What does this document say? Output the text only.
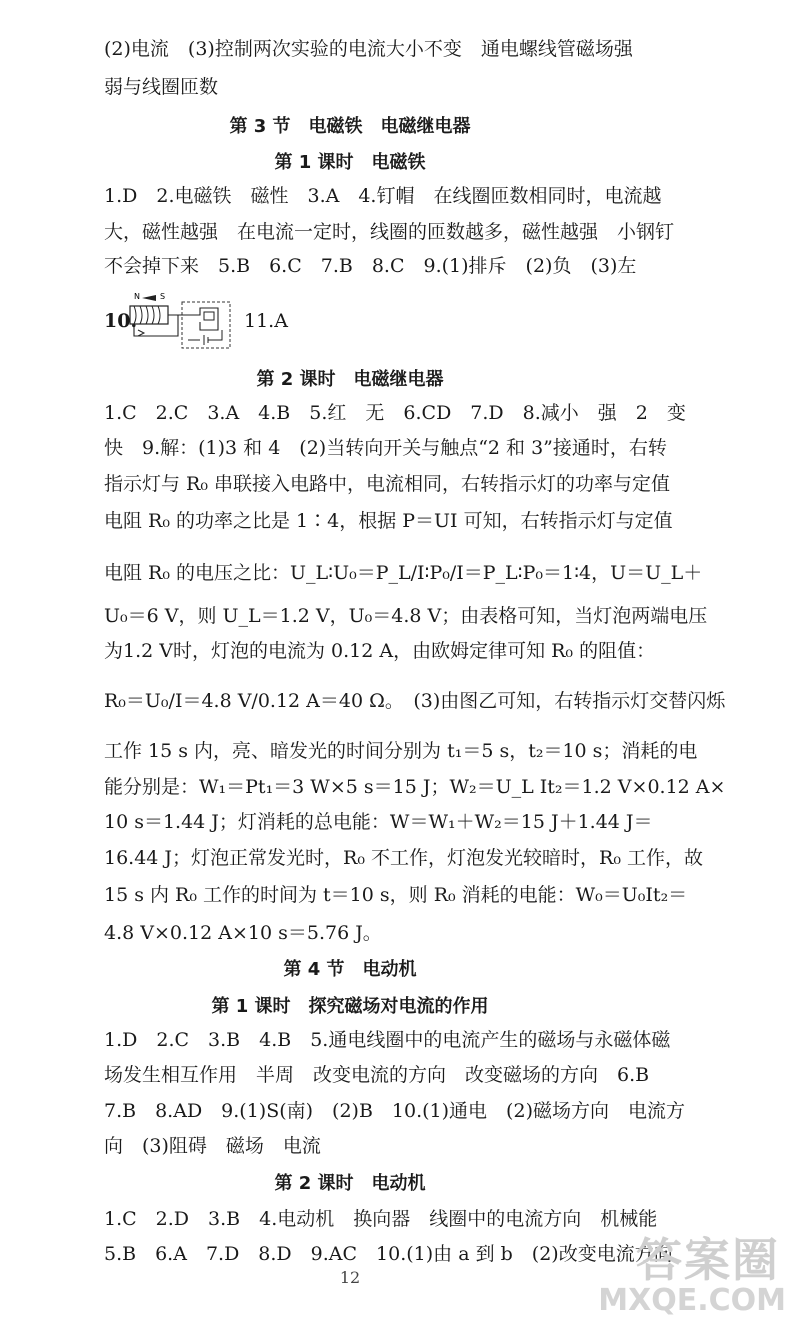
(2)电流　(3)控制两次实验的电流大小不变　通电螺线管磁场强
弱与线圈匝数
第 3 节　电磁铁　电磁继电器
第 1 课时　电磁铁
1.D　2.电磁铁　磁性　3.A　4.钉帽　在线圈匝数相同时，电流越
大，磁性越强　在电流一定时，线圈的匝数越多，磁性越强　小钢钉
不会掉下来　5.B　6.C　7.B　8.C　9.(1)排斥　(2)负　(3)左
10.
N	S
11.A
第 2 课时　电磁继电器
1.C　2.C　3.A　4.B　5.红　无　6.CD　7.D　8.减小　强　2　变
快　9.解：(1)3 和 4　(2)当转向开关与触点“2 和 3”接通时，右转
指示灯与 R₀ 串联接入电路中，电流相同，右转指示灯的功率与定值
电阻 R₀ 的功率之比是 1∶4，根据 P＝UI 可知，右转指示灯与定值
电阻 R₀ 的电压之比：U_L∶U₀＝P_L/I∶P₀/I＝P_L∶P₀＝1∶4，U＝U_L＋
U₀＝6 V，则 U_L＝1.2 V，U₀＝4.8 V；由表格可知，当灯泡两端电压
为1.2 V时，灯泡的电流为 0.12 A，由欧姆定律可知 R₀ 的阻值：
R₀＝U₀/I＝4.8 V/0.12 A＝40 Ω。　(3)由图乙可知，右转指示灯交替闪烁
工作 15 s 内，亮、暗发光的时间分别为 t₁＝5 s，t₂＝10 s；消耗的电
能分别是：W₁＝Pt₁＝3 W×5 s＝15 J；W₂＝U_L It₂＝1.2 V×0.12 A×
10 s＝1.44 J；灯消耗的总电能：W＝W₁＋W₂＝15 J＋1.44 J＝
16.44 J；灯泡正常发光时，R₀ 不工作，灯泡发光较暗时，R₀ 工作，故
15 s 内 R₀ 工作的时间为 t＝10 s，则 R₀ 消耗的电能：W₀＝U₀It₂＝
4.8 V×0.12 A×10 s＝5.76 J。
第 4 节　电动机
第 1 课时　探究磁场对电流的作用
1.D　2.C　3.B　4.B　5.通电线圈中的电流产生的磁场与永磁体磁
场发生相互作用　半周　改变电流的方向　改变磁场的方向　6.B
7.B　8.AD　9.(1)S(南)　(2)B　10.(1)通电　(2)磁场方向　电流方
向　(3)阻碍　磁场　电流
第 2 课时　电动机
1.C　2.D　3.B　4.电动机　换向器　线圈中的电流方向　机械能
5.B　6.A　7.D　8.D　9.AC　10.(1)由 a 到 b　(2)改变电流方向
12	答案圈
MXQE.COM
